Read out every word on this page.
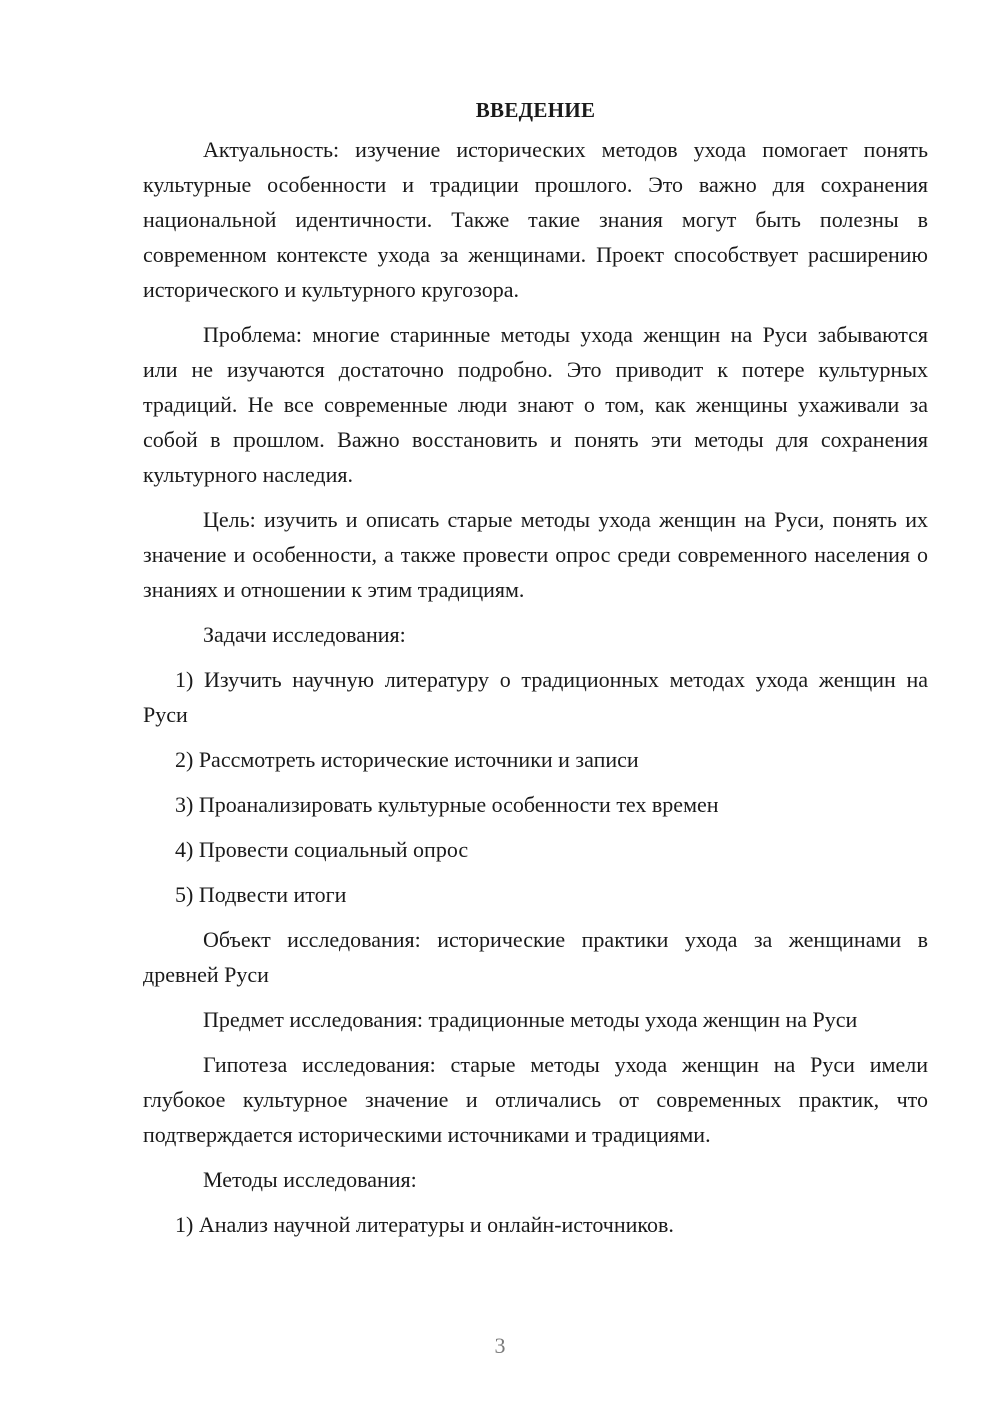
ВВЕДЕНИЕ

Актуальность: изучение исторических методов ухода помогает понять культурные особенности и традиции прошлого. Это важно для сохранения национальной идентичности. Также такие знания могут быть полезны в современном контексте ухода за женщинами. Проект способствует расширению исторического и культурного кругозора.

Проблема: многие старинные методы ухода женщин на Руси забываются или не изучаются достаточно подробно. Это приводит к потере культурных традиций. Не все современные люди знают о том, как женщины ухаживали за собой в прошлом. Важно восстановить и понять эти методы для сохранения культурного наследия.

Цель: изучить и описать старые методы ухода женщин на Руси, понять их значение и особенности, а также провести опрос среди современного населения о знаниях и отношении к этим традициям.

Задачи исследования:

1) Изучить научную литературу о традиционных методах ухода женщин на Руси

2) Рассмотреть исторические источники и записи

3) Проанализировать культурные особенности тех времен

4) Провести социальный опрос

5) Подвести итоги

Объект исследования: исторические практики ухода за женщинами в древней Руси

Предмет исследования: традиционные методы ухода женщин на Руси

Гипотеза исследования: старые методы ухода женщин на Руси имели глубокое культурное значение и отличались от современных практик, что подтверждается историческими источниками и традициями.

Методы исследования:

1) Анализ научной литературы и онлайн-источников.

3
